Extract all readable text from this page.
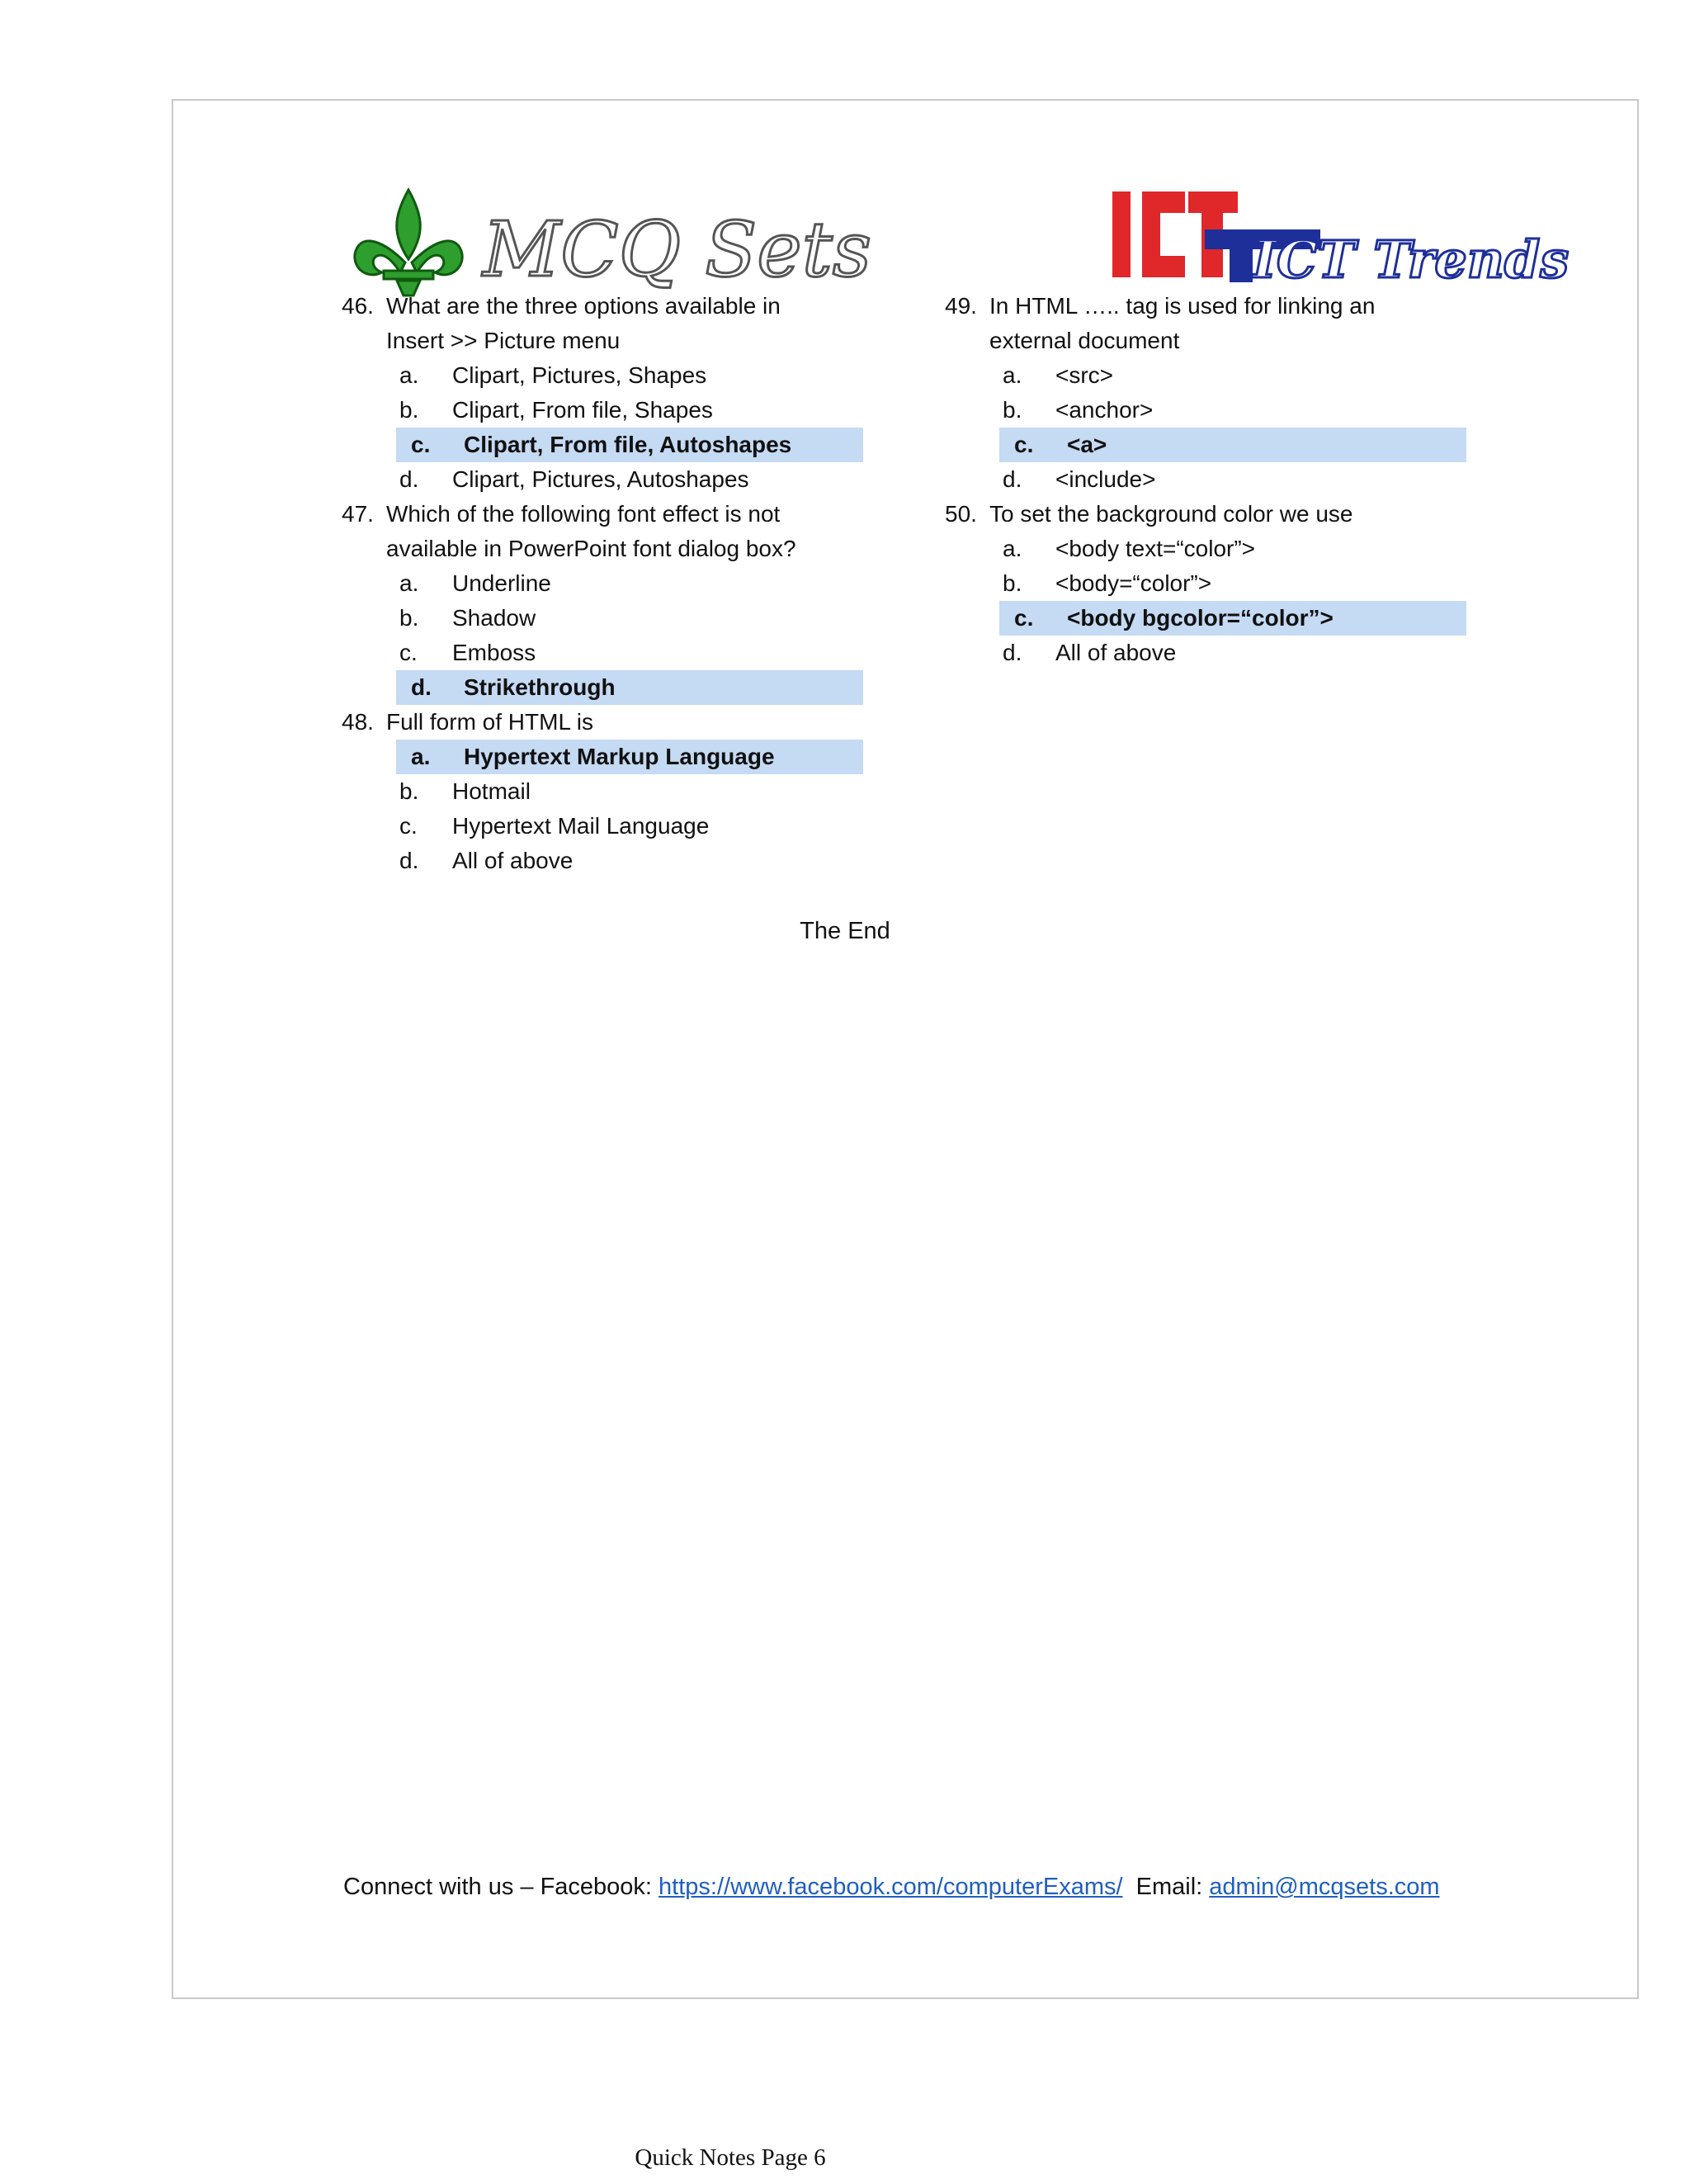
MCQ Sets	ICT Trends
46. What are the three options available in
Insert >> Picture menu
a. Clipart, Pictures, Shapes
b. Clipart, From file, Shapes
c. Clipart, From file, Autoshapes
d. Clipart, Pictures, Autoshapes
47. Which of the following font effect is not
available in PowerPoint font dialog box?
a. Underline
b. Shadow
c. Emboss
d. Strikethrough
48. Full form of HTML is
a. Hypertext Markup Language
b. Hotmail
c. Hypertext Mail Language
d. All of above
49. In HTML ….. tag is used for linking an
external document
a. <src>
b. <anchor>
c. <a>
d. <include>
50. To set the background color we use
a. <body text=“color”>
b. <body=“color”>
c. <body bgcolor=“color”>
d. All of above
The End
Connect with us – Facebook: https://www.facebook.com/computerExams/  Email: admin@mcqsets.com
Quick Notes Page 6
